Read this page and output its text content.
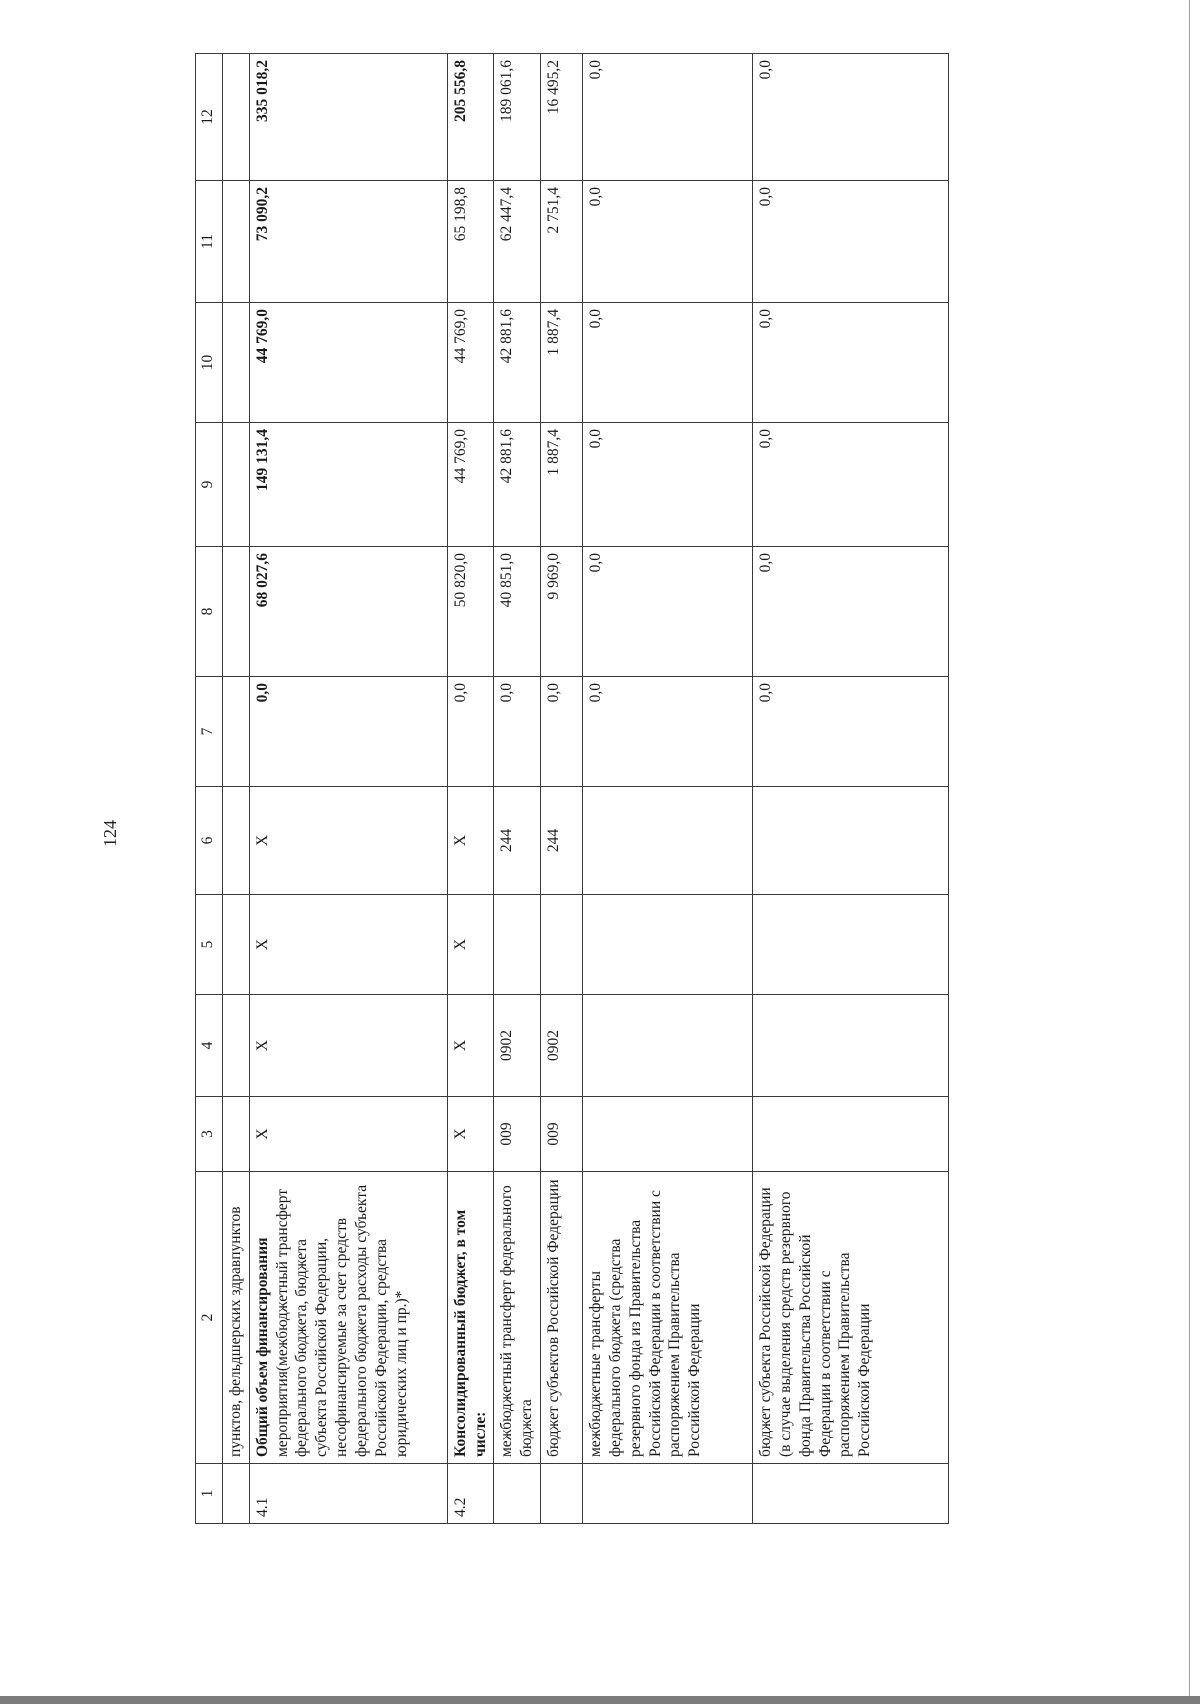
124
1	2	3	4	5	6	7	8	9	10	11	12
	пунктов, фельдшерских здравпунктов										
4.1	Общий объем финансирования мероприятия(межбюджетный трансферт федерального бюджета, бюджета субъекта Российской Федерации, несофинансируемые за счет средств федерального бюджета расходы субъекта Российской Федерации, средства юридических лиц и пр.)*	X	X	X	X	0,0	68 027,6	149 131,4	44 769,0	73 090,2	335 018,2
4.2	Консолидированный бюджет, в том числе:	X	X	X	X	0,0	50 820,0	44 769,0	44 769,0	65 198,8	205 556,8
	межбюджетный трансферт федерального бюджета	009	0902		244	0,0	40 851,0	42 881,6	42 881,6	62 447,4	189 061,6
	бюджет субъектов Российской Федерации	009	0902		244	0,0	9 969,0	1 887,4	1 887,4	2 751,4	16 495,2
	межбюджетные трансферты федерального бюджета (средства резервного фонда из Правительства Российской Федерации в соответствии с распоряжением Правительства Российской Федерации					0,0	0,0	0,0	0,0	0,0	0,0
	бюджет субъекта Российской Федерации (в случае выделения средств резервного фонда Правительства Российской Федерации в соответствии с распоряжением Правительства Российской Федерации					0,0	0,0	0,0	0,0	0,0	0,0
